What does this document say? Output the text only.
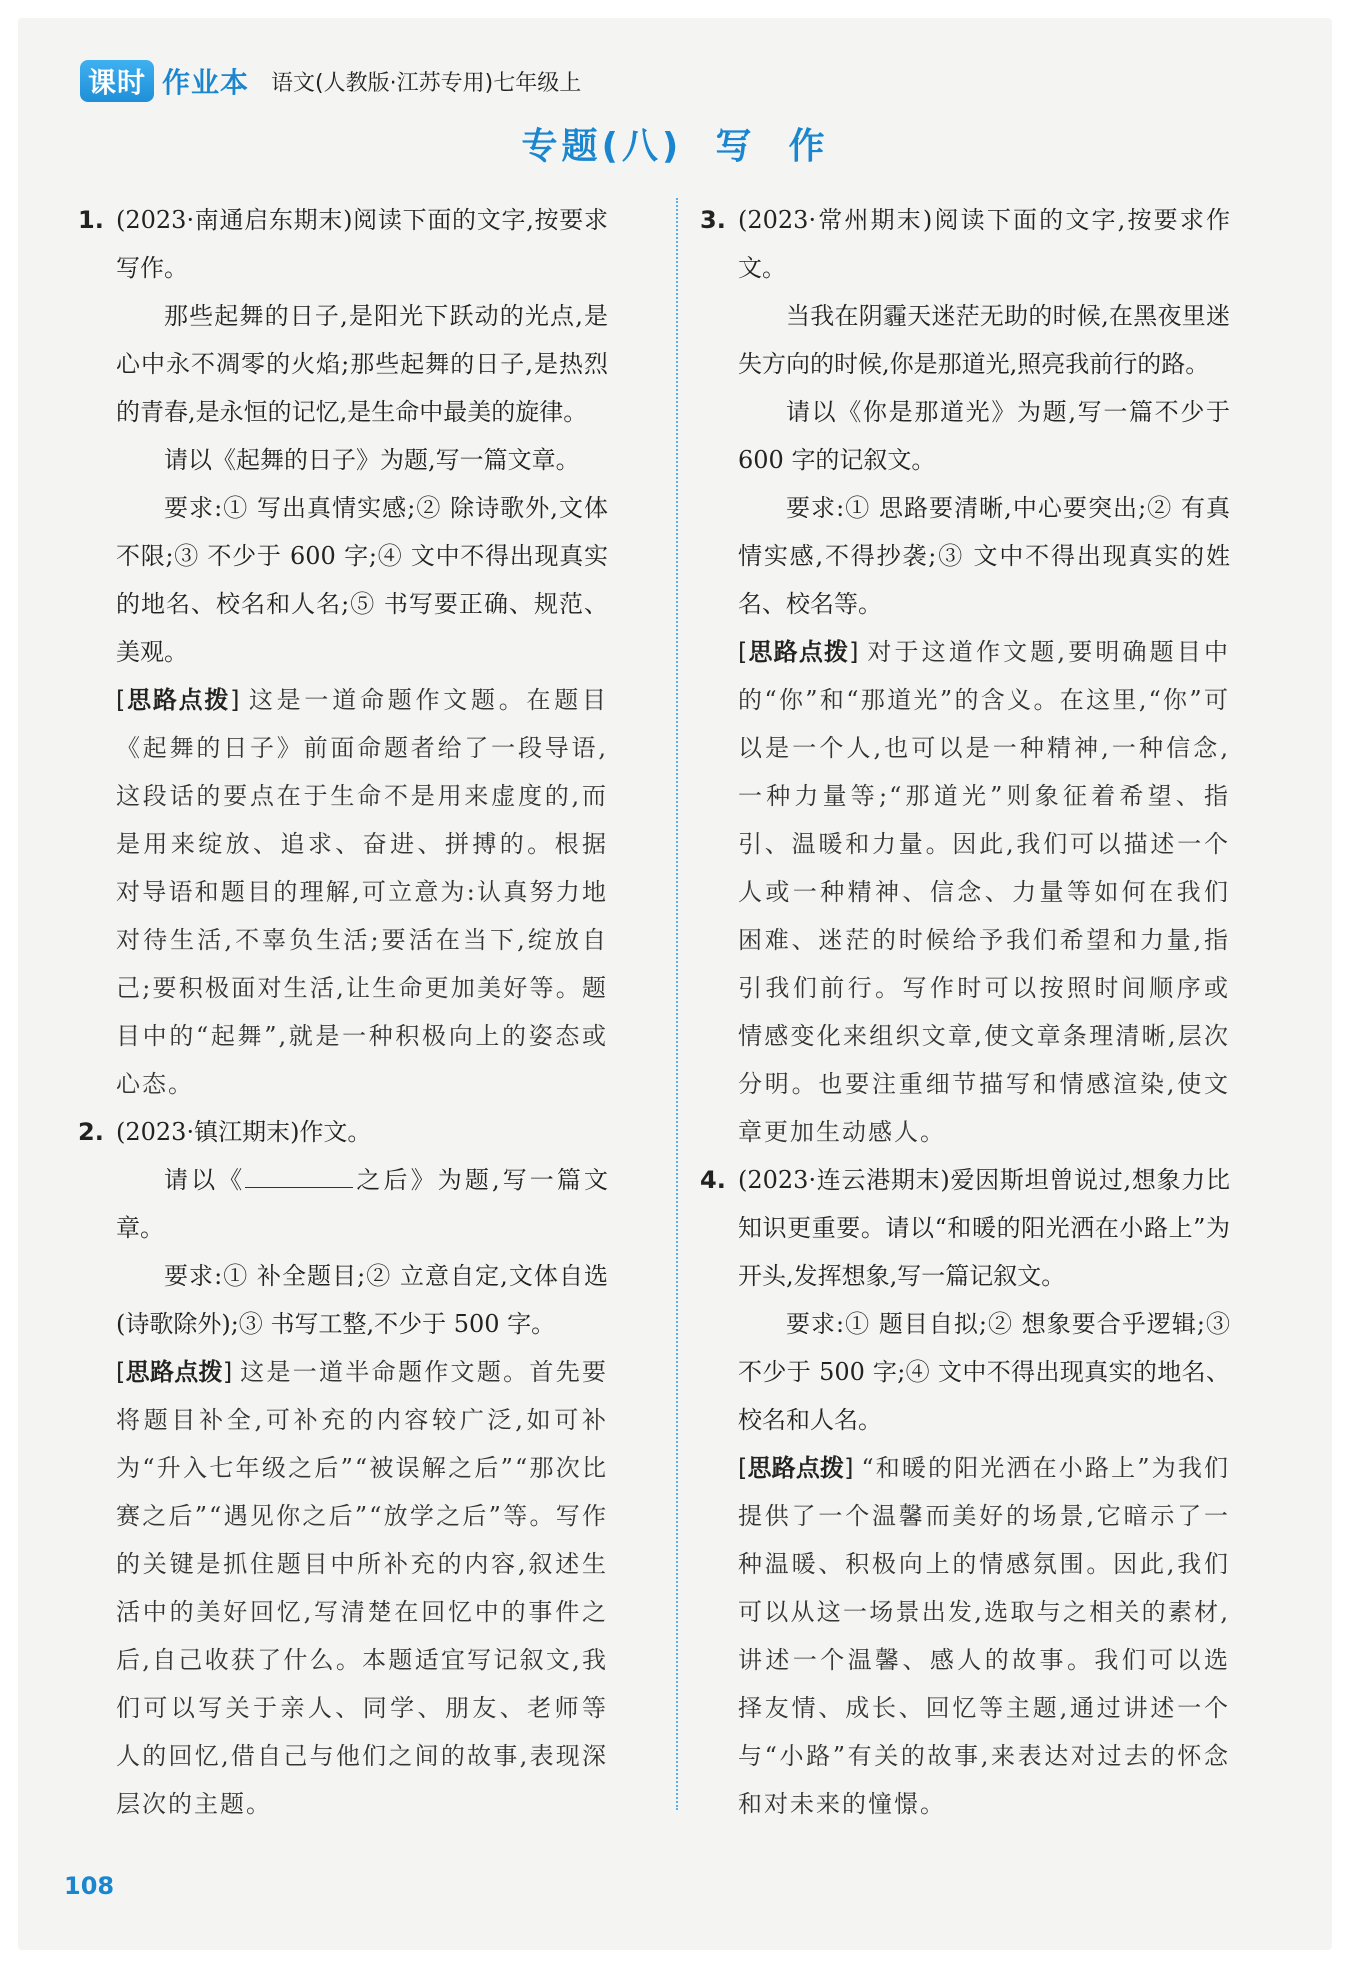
课时 作业本 语文(人教版·江苏专用)七年级上
专题(八)  写  作
1. (2023·南通启东期末)阅读下面的文字,按要求写作。

那些起舞的日子,是阳光下跃动的光点,是心中永不凋零的火焰;那些起舞的日子,是热烈的青春,是永恒的记忆,是生命中最美的旋律。

请以《起舞的日子》为题,写一篇文章。

要求:① 写出真情实感;② 除诗歌外,文体不限;③ 不少于 600 字;④ 文中不得出现真实的地名、校名和人名;⑤ 书写要正确、规范、美观。

[思路点拨] 这是一道命题作文题。在题目《起舞的日子》前面命题者给了一段导语,这段话的要点在于生命不是用来虚度的,而是用来绽放、追求、奋进、拼搏的。根据对导语和题目的理解,可立意为:认真努力地对待生活,不辜负生活;要活在当下,绽放自己;要积极面对生活,让生命更加美好等。题目中的“起舞”,就是一种积极向上的姿态或心态。

2. (2023·镇江期末)作文。

请以《	之后》为题,写一篇文章。

要求:① 补全题目;② 立意自定,文体自选(诗歌除外);③ 书写工整,不少于 500 字。

[思路点拨] 这是一道半命题作文题。首先要将题目补全,可补充的内容较广泛,如可补为“升入七年级之后”“被误解之后”“那次比赛之后”“遇见你之后”“放学之后”等。写作的关键是抓住题目中所补充的内容,叙述生活中的美好回忆,写清楚在回忆中的事件之后,自己收获了什么。本题适宜写记叙文,我们可以写关于亲人、同学、朋友、老师等人的回忆,借自己与他们之间的故事,表现深层次的主题。

3. (2023·常州期末)阅读下面的文字,按要求作文。

当我在阴霾天迷茫无助的时候,在黑夜里迷失方向的时候,你是那道光,照亮我前行的路。

请以《你是那道光》为题,写一篇不少于 600 字的记叙文。

要求:① 思路要清晰,中心要突出;② 有真情实感,不得抄袭;③ 文中不得出现真实的姓名、校名等。

[思路点拨] 对于这道作文题,要明确题目中的“你”和“那道光”的含义。在这里,“你”可以是一个人,也可以是一种精神,一种信念,一种力量等;“那道光”则象征着希望、指引、温暖和力量。因此,我们可以描述一个人或一种精神、信念、力量等如何在我们困难、迷茫的时候给予我们希望和力量,指引我们前行。写作时可以按照时间顺序或情感变化来组织文章,使文章条理清晰,层次分明。也要注重细节描写和情感渲染,使文章更加生动感人。

4. (2023·连云港期末)爱因斯坦曾说过,想象力比知识更重要。请以“和暖的阳光洒在小路上”为开头,发挥想象,写一篇记叙文。

要求:① 题目自拟;② 想象要合乎逻辑;③ 不少于 500 字;④ 文中不得出现真实的地名、校名和人名。

[思路点拨] “和暖的阳光洒在小路上”为我们提供了一个温馨而美好的场景,它暗示了一种温暖、积极向上的情感氛围。因此,我们可以从这一场景出发,选取与之相关的素材,讲述一个温馨、感人的故事。我们可以选择友情、成长、回忆等主题,通过讲述一个与“小路”有关的故事,来表达对过去的怀念和对未来的憧憬。

108
